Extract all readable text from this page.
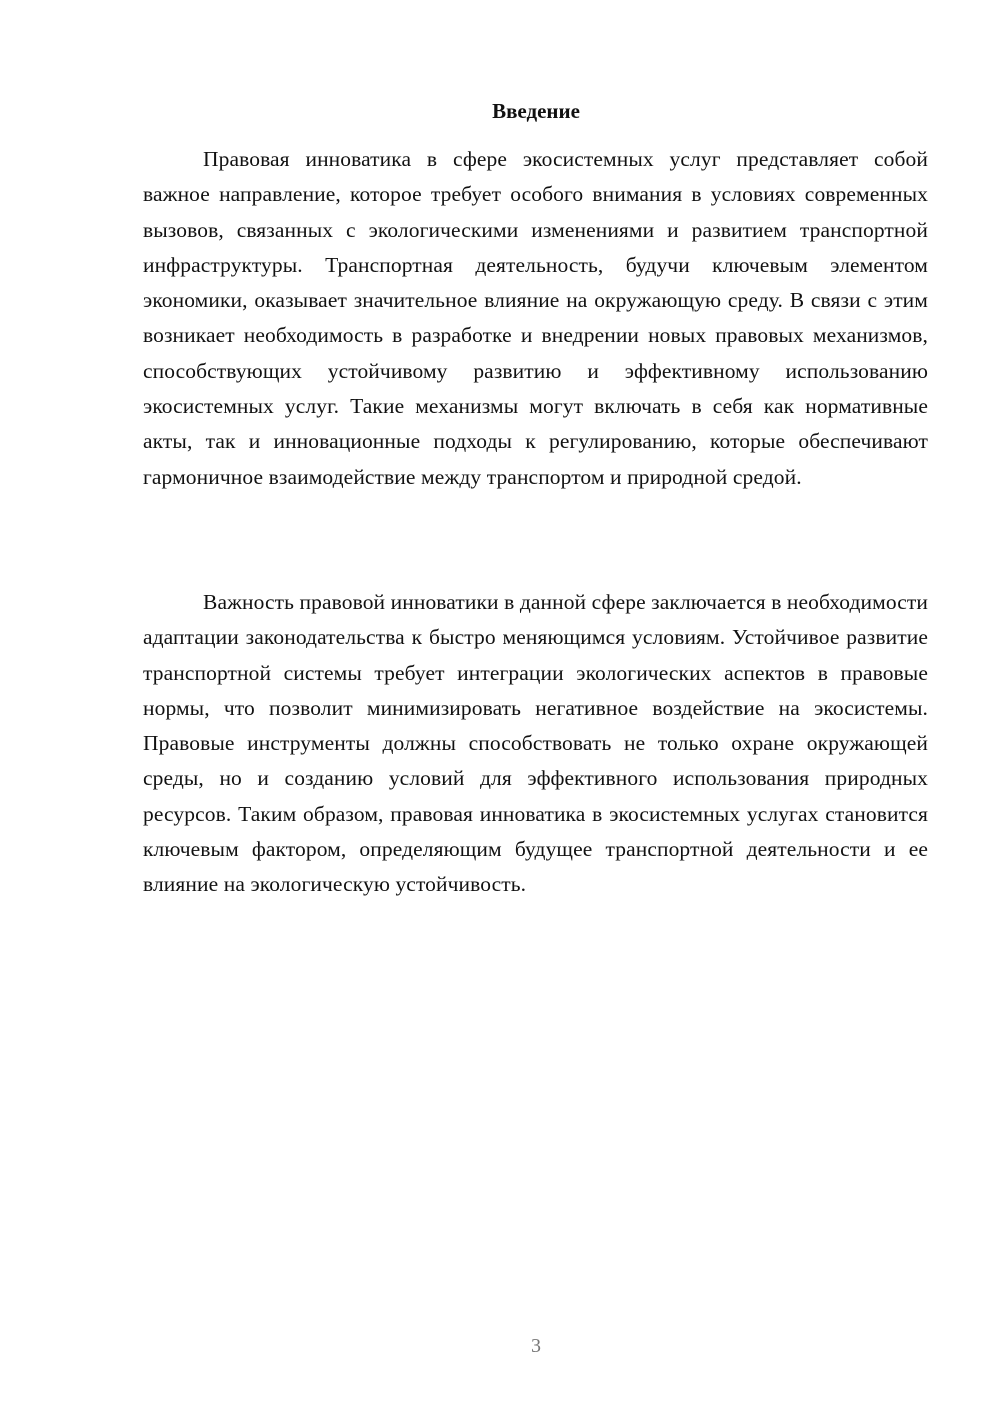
Введение

Правовая инноватика в сфере экосистемных услуг представляет собой важное направление, которое требует особого внимания в условиях современных вызовов, связанных с экологическими изменениями и развитием транспортной инфраструктуры. Транспортная деятельность, будучи ключевым элементом экономики, оказывает значительное влияние на окружающую среду. В связи с этим возникает необходимость в разработке и внедрении новых правовых механизмов, способствующих устойчивому развитию и эффективному использованию экосистемных услуг. Такие механизмы могут включать в себя как нормативные акты, так и инновационные подходы к регулированию, которые обеспечивают гармоничное взаимодействие между транспортом и природной средой.

Важность правовой инноватики в данной сфере заключается в необходимости адаптации законодательства к быстро меняющимся условиям. Устойчивое развитие транспортной системы требует интеграции экологических аспектов в правовые нормы, что позволит минимизировать негативное воздействие на экосистемы. Правовые инструменты должны способствовать не только охране окружающей среды, но и созданию условий для эффективного использования природных ресурсов. Таким образом, правовая инноватика в экосистемных услугах становится ключевым фактором, определяющим будущее транспортной деятельности и ее влияние на экологическую устойчивость.

3
